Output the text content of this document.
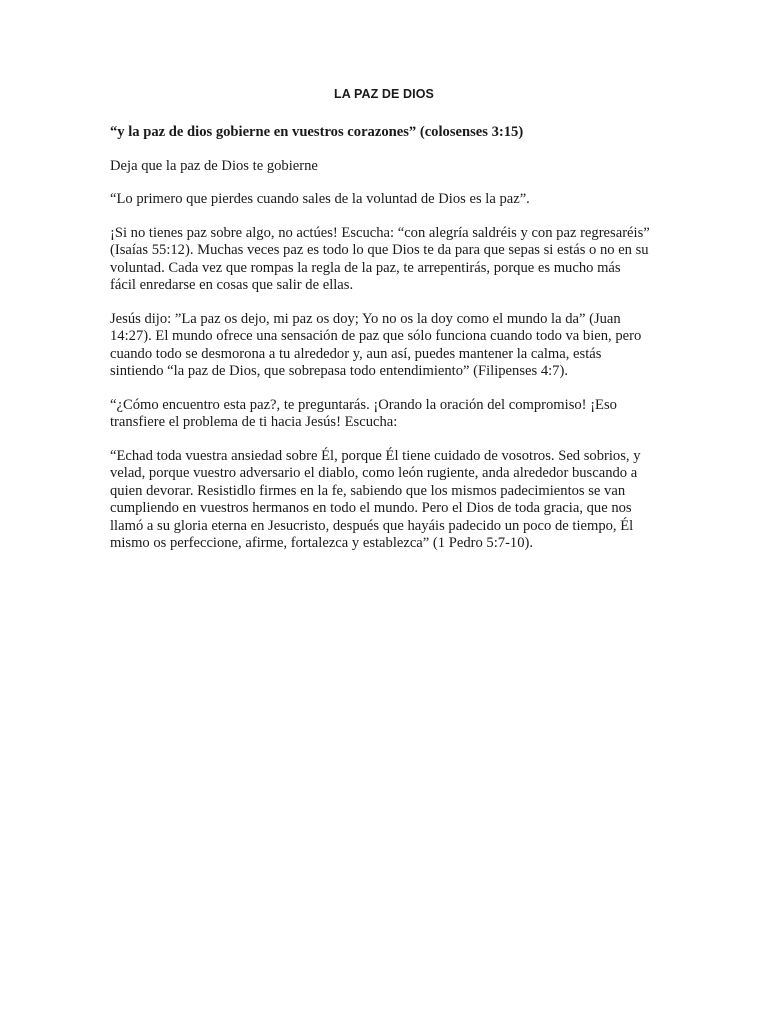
LA PAZ DE DIOS

“y la paz de dios gobierne en vuestros corazones” (colosenses 3:15)

Deja que la paz de Dios te gobierne

“Lo primero que pierdes cuando sales de la voluntad de Dios es la paz”.

¡Si no tienes paz sobre algo, no actúes! Escucha: “con alegría saldréis y con paz regresaréis” (Isaías 55:12). Muchas veces paz es todo lo que Dios te da para que sepas si estás o no en su voluntad. Cada vez que rompas la regla de la paz, te arrepentirás, porque es mucho más fácil enredarse en cosas que salir de ellas.

Jesús dijo: ”La paz os dejo, mi paz os doy; Yo no os la doy como el mundo la da” (Juan 14:27). El mundo ofrece una sensación de paz que sólo funciona cuando todo va bien, pero cuando todo se desmorona a tu alrededor y, aun así, puedes mantener la calma, estás sintiendo “la paz de Dios, que sobrepasa todo entendimiento” (Filipenses 4:7).

“¿Cómo encuentro esta paz?, te preguntarás. ¡Orando la oración del compromiso! ¡Eso transfiere el problema de ti hacia Jesús! Escucha:

“Echad toda vuestra ansiedad sobre Él, porque Él tiene cuidado de vosotros. Sed sobrios, y velad, porque vuestro adversario el diablo, como león rugiente, anda alrededor buscando a quien devorar. Resistidlo firmes en la fe, sabiendo que los mismos padecimientos se van cumpliendo en vuestros hermanos en todo el mundo. Pero el Dios de toda gracia, que nos llamó a su gloria eterna en Jesucristo, después que hayáis padecido un poco de tiempo, Él mismo os perfeccione, afirme, fortalezca y establezca” (1 Pedro 5:7-10).
